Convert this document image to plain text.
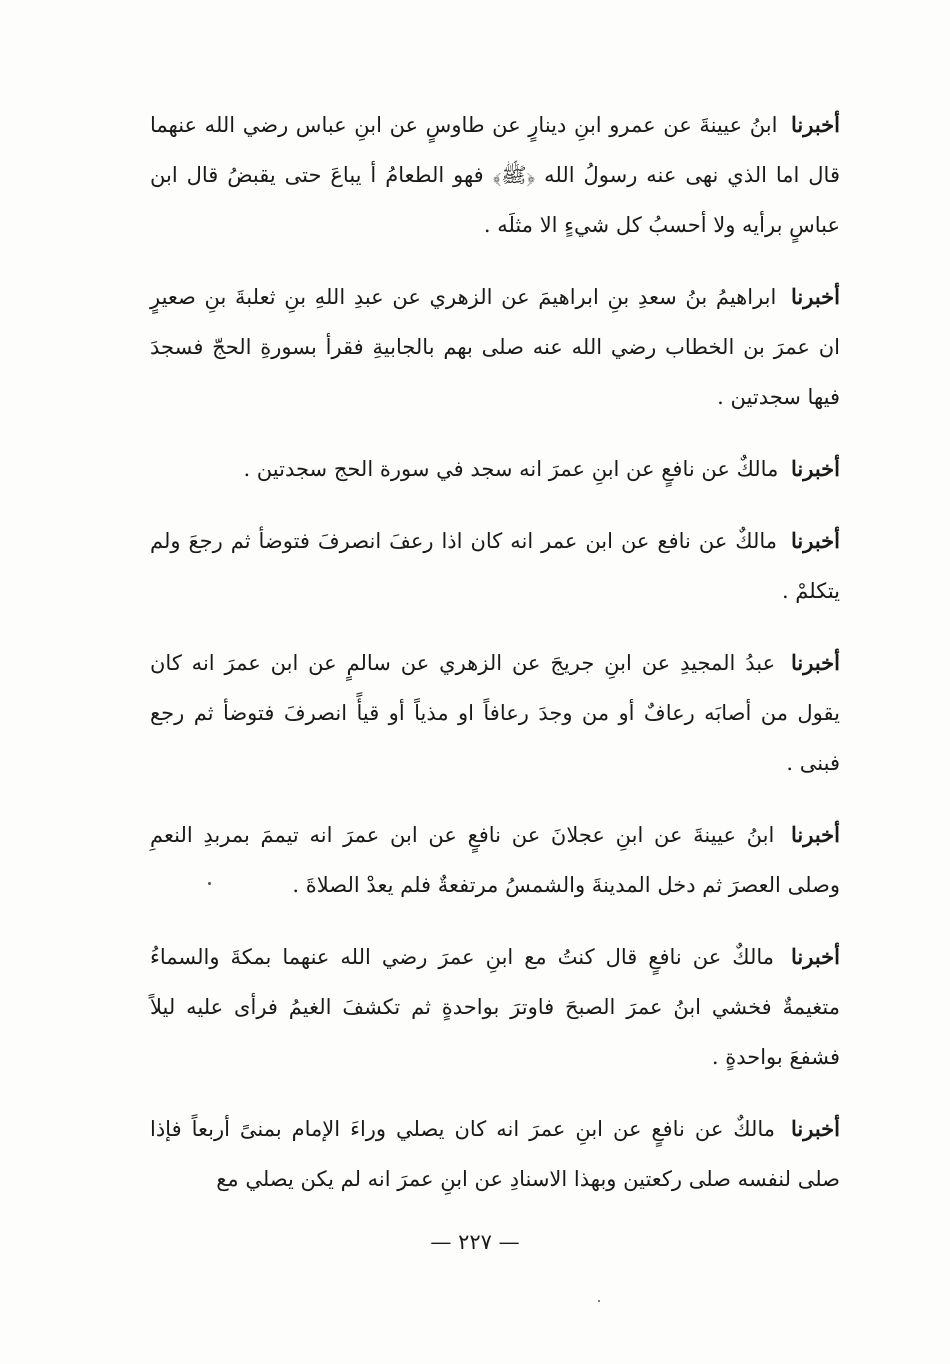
أخبرنا ابنُ عيينةَ عن عمرو ابنِ دينارٍ عن طاوسٍ عن ابنِ عباس رضي الله عنهما قال اما الذي نهى عنه رسولُ الله ﴿ﷺ﴾ فهو الطعامُ أ يباعَ حتى يقبضُ قال ابن عباسٍ برأيه ولا أحسبُ كل شيءٍ الا مثلَه .

أخبرنا ابراهيمُ بنُ سعدِ بنِ ابراهيمَ عن الزهري عن عبدِ اللهِ بنِ ثعلبةَ بنِ صعيرٍ ان عمرَ بن الخطاب رضي الله عنه صلى بهم بالجابيةِ فقرأ بسورةِ الحجّ فسجدَ فيها سجدتين .

أخبرنا مالكٌ عن نافعٍ عن ابنِ عمرَ انه سجد في سورة الحج سجدتين .

أخبرنا مالكٌ عن نافع عن ابن عمر انه كان اذا رعفَ انصرفَ فتوضأ ثم رجعَ ولم يتكلمْ .

أخبرنا عبدُ المجيدِ عن ابنِ جريجَ عن الزهري عن سالمٍ عن ابن عمرَ انه كان يقول من أصابَه رعافٌ أو من وجدَ رعافاً او مذياً أو قيأً انصرفَ فتوضأ ثم رجع فبنى .

أخبرنا ابنُ عيينةَ عن ابنِ عجلانَ عن نافعٍ عن ابن عمرَ انه تيممَ بمربدِ النعمِ وصلى العصرَ ثم دخل المدينةَ والشمسُ مرتفعةٌ فلم يعدْ الصلاةَ .

أخبرنا مالكٌ عن نافعٍ قال كنتُ مع ابنِ عمرَ رضي الله عنهما بمكةَ والسماءُ متغيمةٌ فخشي ابنُ عمرَ الصبحَ فاوترَ بواحدةٍ ثم تكشفَ الغيمُ فرأى عليه ليلاً فشفعَ بواحدةٍ .

أخبرنا مالكٌ عن نافعٍ عن ابنِ عمرَ انه كان يصلي وراءَ الإمام بمنىً أربعاً فإذا صلى لنفسه صلى ركعتين وبهذا الاسنادِ عن ابنِ عمرَ انه لم يكن يصلي مع

— ٢٢٧ —
